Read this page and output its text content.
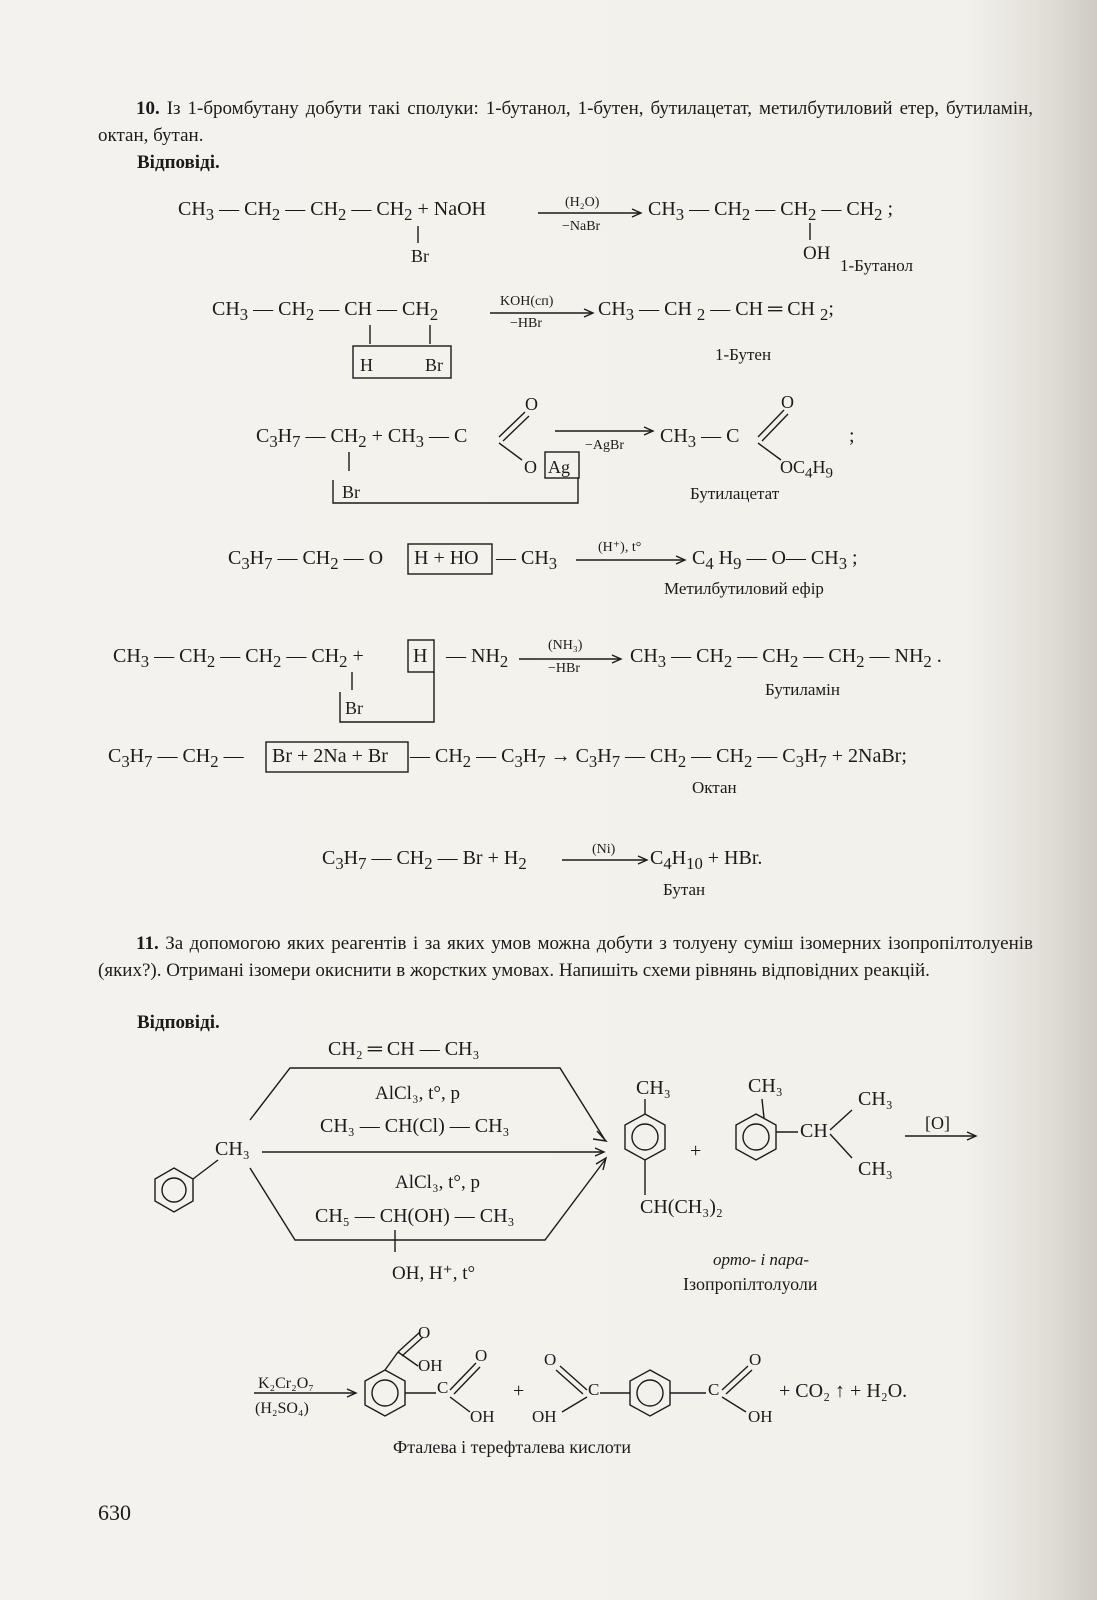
10. Із 1-бромбутану добути такі сполуки: 1-бутанол, 1-бутен, бутилацетат, метилбутиловий етер, бутиламін, октан, бутан.
Відповіді.
$CH_3$ — $CH_2$ — $CH_2$ — $CH_2$ + NaOH	$CH_3$ — $CH_2$ — $CH_2$ — $CH_2$ ;
Br	OH
1-Бутанол
$CH_3$ — $CH_2$ — CH — $CH_2$	$CH_3$ — CH $_2$ — CH ═ CH $_2$;
H	Br
1-Бутен
$C_3H_7$ — $CH_2 + CH_3$ — C	$CH_3$ — C	;
O	O
O Ag	$OC_4H_9$
Br	Бутилацетат
$C_3H_7$ — $CH_2$ — O H + HO — $CH_3$	$C_4$ $H_9$ — O— $CH_3$ ;
Метилбутиловий ефір
$CH_3$ — $CH_2$ — $CH_2$ — $CH_2 + H$ — $NH_2$	$CH_3$ — $CH_2$ — $CH_2$ — $CH_2$ — $NH_2$ .
Br
Бутиламін
$C_3H_7$ — $CH_2$ — Br + 2Na + Br — $CH_2$ — $C_3H_7 \to C_3H_7$ — $CH_2$ — $CH_2$ — $C_3H_7$ + 2NaBr;
Октан
$C_3H_7$ — $CH_2$ — $Br + H_2$	$C_4H_{10}$ + HBr.
Бутан
11. За допомогою яких реагентів і за яких умов можна добути з толуену суміш ізомерних ізопропілтолуенів (яких?). Отримані ізомери окиснити в жорстких умовах. Напишіть схеми рівнянь відповідних реакцій.
Відповіді.
CH₂ ═ CH — CH₃
AlCl₃, t°, p
CH₃ — CH(Cl) — CH₃
CH₃
AlCl₃, t°, p
CH₅ — CH(OH) — CH₃
OH, H⁺, t°
CH₃
CH(CH₃)₂
+
CH₃
CH
CH₃
CH₃
[O]
орто- і пара-
Ізопропілтолуоли
K₂Cr₂O₇
(H₂SO₄)
+ CO₂ ↑ + H₂O.
Фталева і терефталева кислоти
OH
O
C
O
OH
+
O
OH
C	C
O
OH
630
(H₂O)
−NaBr
KOH(сп)
−HBr
−AgBr
(H⁺), t°
(NH₃)
−HBr
(Ni)
